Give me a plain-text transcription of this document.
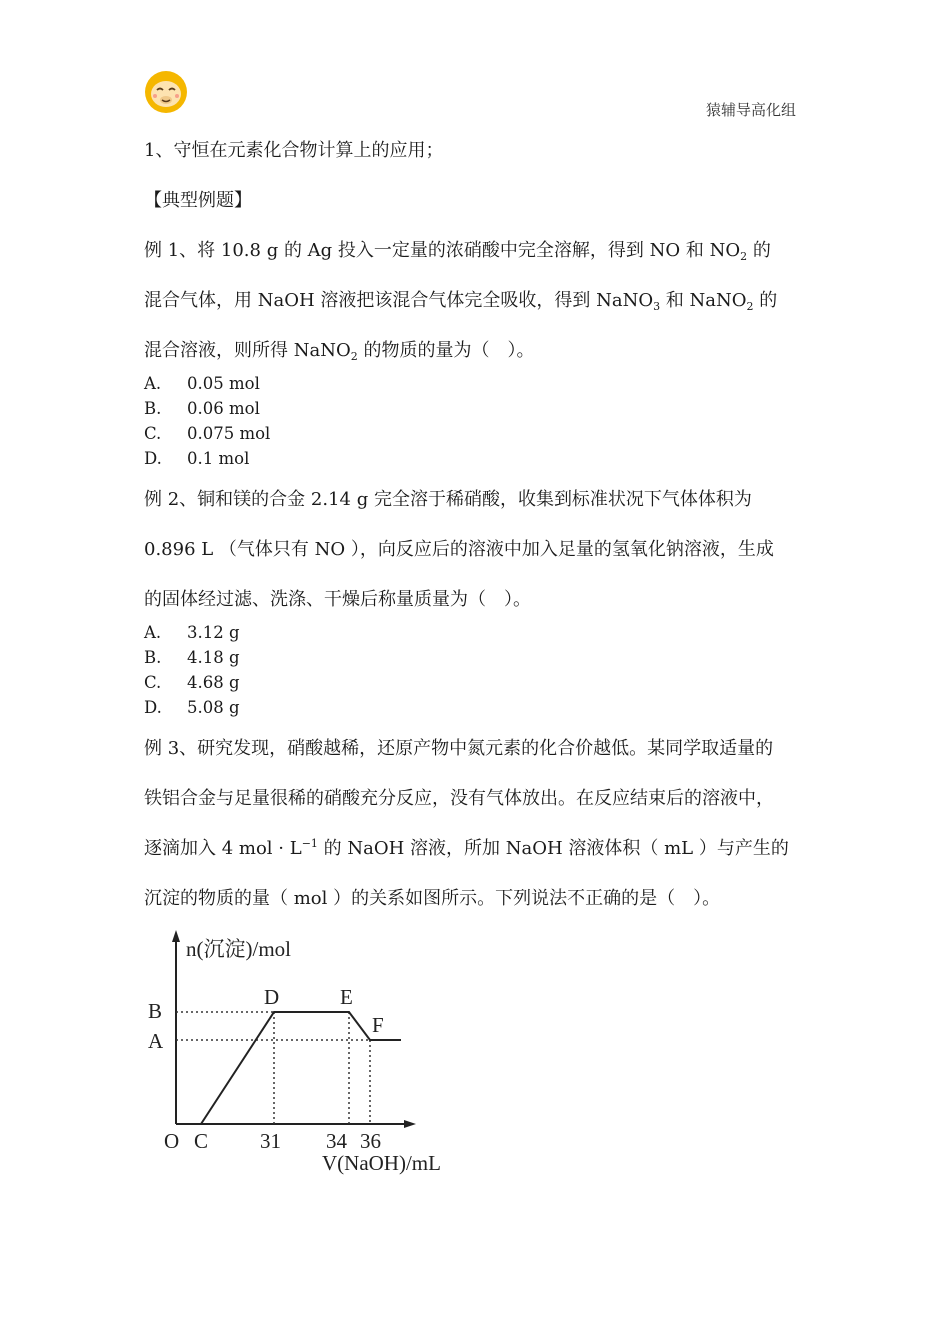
猿辅导高化组
1、守恒在元素化合物计算上的应用；
【典型例题】
例 1、将 10.8 g 的 Ag 投入一定量的浓硝酸中完全溶解，得到 NO 和 $NO_2$ 的
混合气体，用 NaOH 溶液把该混合气体完全吸收，得到 NaNO$_3$ 和 NaNO$_2$ 的
混合溶液，则所得 NaNO$_2$ 的物质的量为（　）。
A. 0.05 mol
B. 0.06 mol
C. 0.075 mol
D. 0.1 mol
例 2、铜和镁的合金 2.14 g 完全溶于稀硝酸，收集到标准状况下气体体积为
0.896 L （气体只有 NO ），向反应后的溶液中加入足量的氢氧化钠溶液，生成
的固体经过滤、洗涤、干燥后称量质量为（　）。
A. 3.12 g
B. 4.18 g
C. 4.68 g
D. 5.08 g
例 3、研究发现，硝酸越稀，还原产物中氮元素的化合价越低。某同学取适量的
铁铝合金与足量很稀的硝酸充分反应，没有气体放出。在反应结束后的溶液中，
逐滴加入 4 mol · $L^{-1}$ 的 NaOH 溶液，所加 NaOH 溶液体积（ mL ）与产生的
沉淀的物质的量（ mol ）的关系如图所示。下列说法不正确的是（　）。
n(沉淀)/mol
V(NaOH)/mL
O C 31 34 36
A
B
D	E
F
